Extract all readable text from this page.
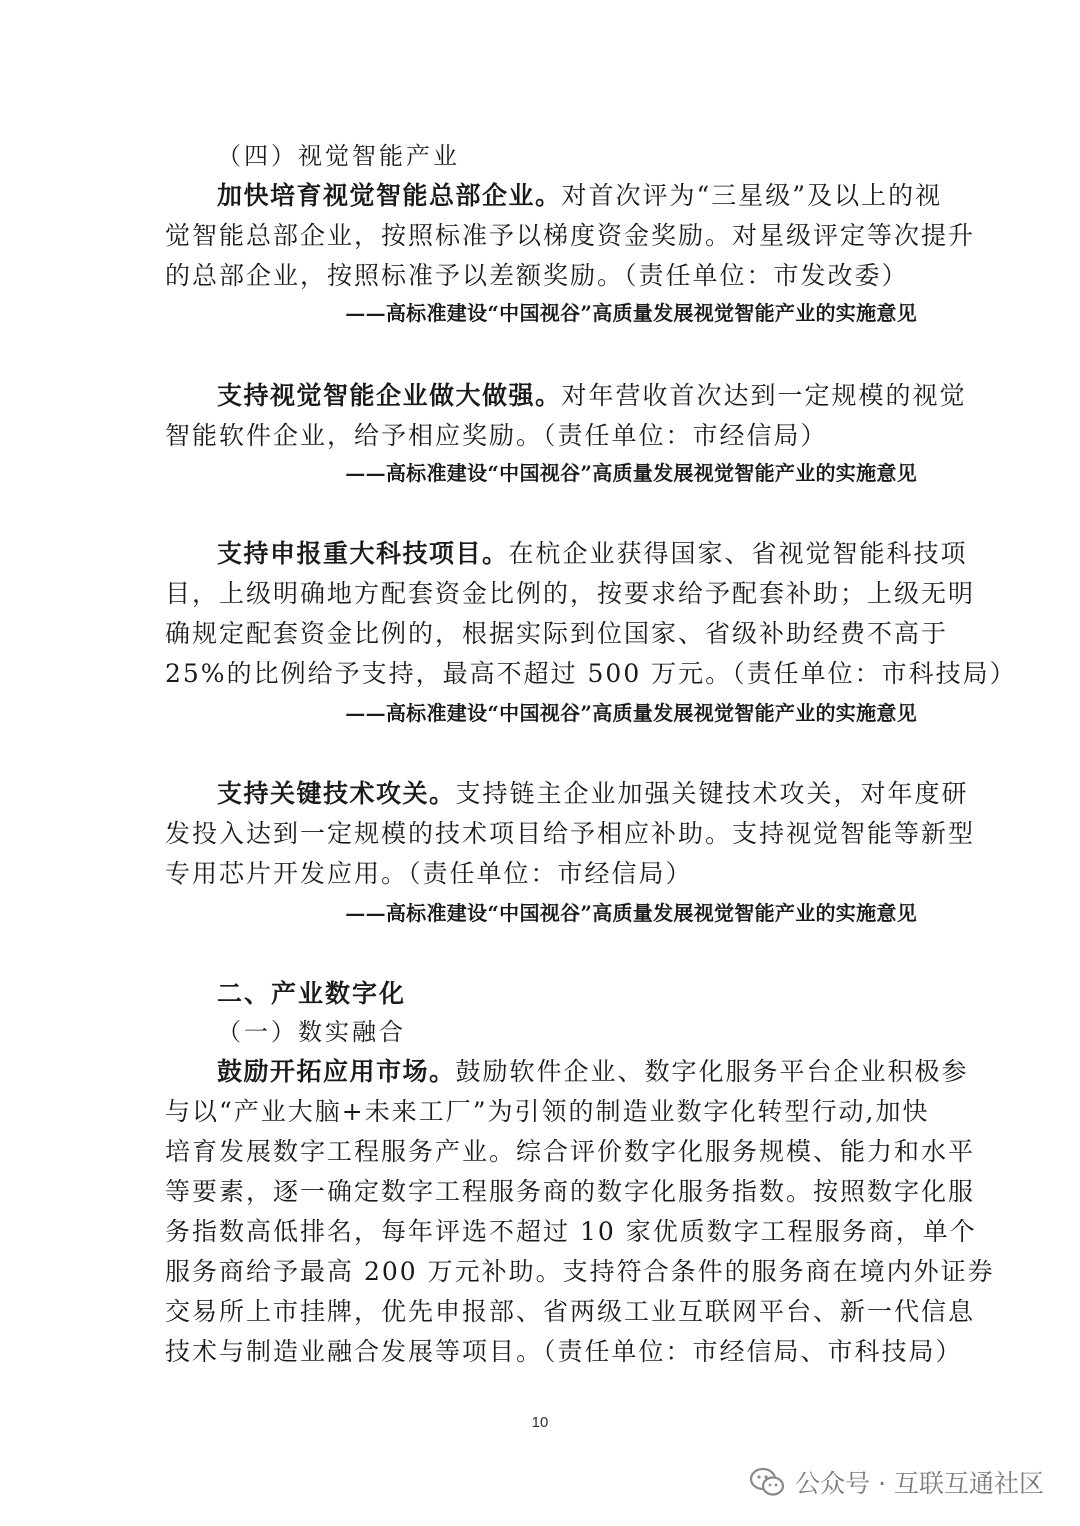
（四）视觉智能产业
加快培育视觉智能总部企业。对首次评为“三星级”及以上的视
觉智能总部企业，按照标准予以梯度资金奖励。对星级评定等次提升
的总部企业，按照标准予以差额奖励。（责任单位：市发改委）
——高标准建设“中国视谷”高质量发展视觉智能产业的实施意见
支持视觉智能企业做大做强。对年营收首次达到一定规模的视觉
智能软件企业，给予相应奖励。（责任单位：市经信局）
——高标准建设“中国视谷”高质量发展视觉智能产业的实施意见
支持申报重大科技项目。在杭企业获得国家、省视觉智能科技项
目，上级明确地方配套资金比例的，按要求给予配套补助；上级无明
确规定配套资金比例的，根据实际到位国家、省级补助经费不高于
25%的比例给予支持，最高不超过 500 万元。（责任单位：市科技局）
——高标准建设“中国视谷”高质量发展视觉智能产业的实施意见
支持关键技术攻关。支持链主企业加强关键技术攻关，对年度研
发投入达到一定规模的技术项目给予相应补助。支持视觉智能等新型
专用芯片开发应用。（责任单位：市经信局）
——高标准建设“中国视谷”高质量发展视觉智能产业的实施意见
二、产业数字化
（一）数实融合
鼓励开拓应用市场。鼓励软件企业、数字化服务平台企业积极参
与以“产业大脑+未来工厂”为引领的制造业数字化转型行动,加快
培育发展数字工程服务产业。综合评价数字化服务规模、能力和水平
等要素，逐一确定数字工程服务商的数字化服务指数。按照数字化服
务指数高低排名，每年评选不超过 10 家优质数字工程服务商，单个
服务商给予最高 200 万元补助。支持符合条件的服务商在境内外证券
交易所上市挂牌，优先申报部、省两级工业互联网平台、新一代信息
技术与制造业融合发展等项目。（责任单位：市经信局、市科技局）
10
公众号 · 互联互通社区
